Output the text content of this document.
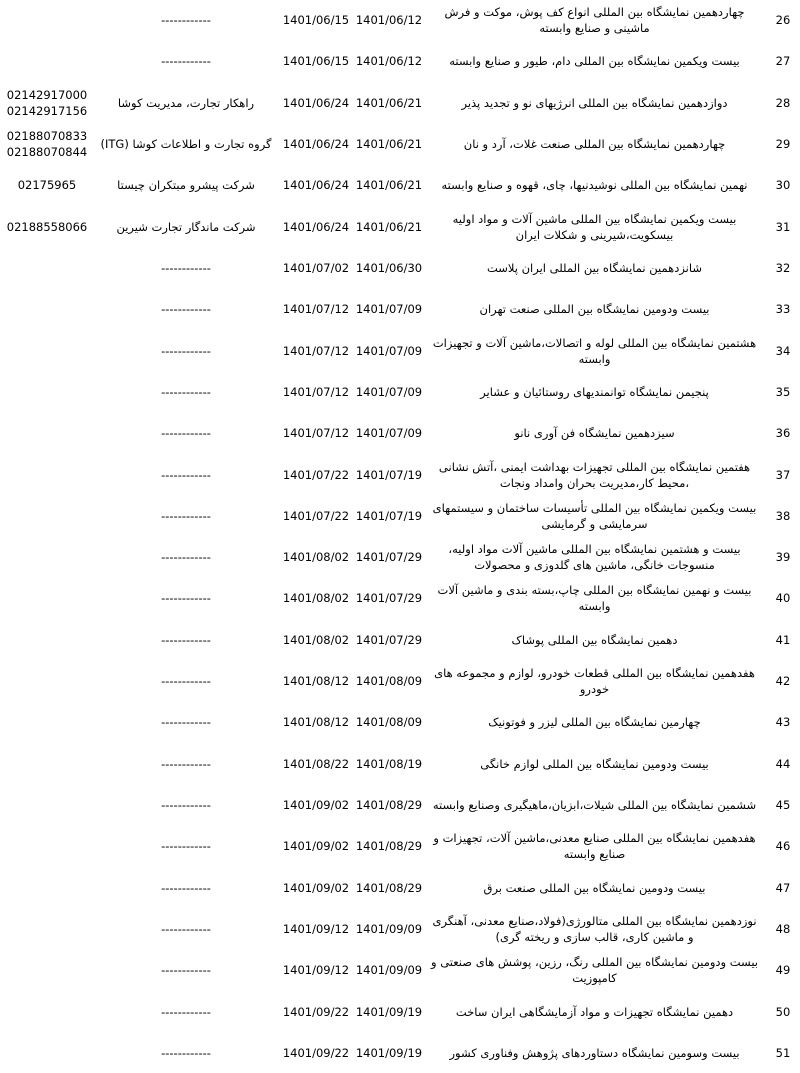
26
چهاردهمین نمایشگاه بین المللی انواع کف پوش، موکت و فرش ماشینی و صنایع وابسته
1401/06/12
1401/06/15
------------
27
بیست ویکمین نمایشگاه بین المللی دام، طیور و صنایع وابسته
1401/06/12
1401/06/15
------------
28
دوازدهمین نمایشگاه بین المللی انرژیهای نو و تجدید پذیر
1401/06/21
1401/06/24
راهکار تجارت، مدیریت کوشا
02142917000
02142917156
29
چهاردهمین نمایشگاه بین المللی صنعت غلات، آرد و نان
1401/06/21
1401/06/24
گروه تجارت و اطلاعات کوشا (ITG)
02188070833
02188070844
30
نهمین نمایشگاه بین المللی نوشیدنیها، چای، قهوه و صنایع وابسته
1401/06/21
1401/06/24
شرکت پیشرو مبتکران چیستا
02175965
31
بیست ویکمین نمایشگاه بین المللی ماشین آلات و مواد اولیه بیسکویت،شیرینی و شکلات ایران
1401/06/21
1401/06/24
شرکت ماندگار تجارت شیرین
02188558066
32
شانزدهمین نمایشگاه بین المللی ایران پلاست
1401/06/30
1401/07/02
------------
33
بیست ودومین نمایشگاه بین المللی صنعت تهران
1401/07/09
1401/07/12
------------
34
هشتمین نمایشگاه بین المللی لوله و اتصالات،ماشین آلات و تجهیزات وابسته
1401/07/09
1401/07/12
------------
35
پنجیمن نمایشگاه توانمندیهای روستائیان و عشایر
1401/07/09
1401/07/12
------------
36
سیزدهمین نمایشگاه فن آوری نانو
1401/07/09
1401/07/12
------------
37
هفتمین نمایشگاه بین المللی تجهیزات بهداشت ایمنی ،آتش نشانی ،محیط کار،مدیریت بحران وامداد ونجات
1401/07/19
1401/07/22
------------
38
بیست ویکمین نمایشگاه بین المللی تأسیسات ساختمان و سیستمهای سرمایشی و گرمایشی
1401/07/19
1401/07/22
------------
39
بیست و هشتمین نمایشگاه بین المللی ماشین آلات مواد اولیه، منسوجات خانگی، ماشین های گلدوزی و محصولات
1401/07/29
1401/08/02
------------
40
بیست و نهمین نمایشگاه بین المللی چاپ،بسته بندی و ماشین آلات وابسته
1401/07/29
1401/08/02
------------
41
دهمین نمایشگاه بین المللی پوشاک
1401/07/29
1401/08/02
------------
42
هفدهمین نمایشگاه بین المللی قطعات خودرو، لوازم و مجموعه های خودرو
1401/08/09
1401/08/12
------------
43
چهارمین نمایشگاه بین المللی لیزر و فوتونیک
1401/08/09
1401/08/12
------------
44
بیست ودومین نمایشگاه بین المللی لوازم خانگی
1401/08/19
1401/08/22
------------
45
ششمین نمایشگاه بین المللی شیلات،ابزیان،ماهیگیری وصنایع وابسته
1401/08/29
1401/09/02
------------
46
هفدهمین نمایشگاه بین المللی صنایع معدنی،ماشین آلات، تجهیزات و صنایع وابسته
1401/08/29
1401/09/02
------------
47
بیست ودومین نمایشگاه بین المللی صنعت برق
1401/08/29
1401/09/02
------------
48
نوزدهمین نمایشگاه بین المللی متالورژی(فولاد،صنایع معدنی، آهنگری و ماشین کاری، قالب سازی و ریخته گری)
1401/09/09
1401/09/12
------------
49
بیست ودومین نمایشگاه بین المللی رنگ، رزین، پوشش های صنعتی و کامپوزیت
1401/09/09
1401/09/12
------------
50
دهمین نمایشگاه تجهیزات و مواد آزمایشگاهی ایران ساخت
1401/09/19
1401/09/22
------------
51
بیست وسومین نمایشگاه دستاوردهای پژوهش وفناوری کشور
1401/09/19
1401/09/22
------------
